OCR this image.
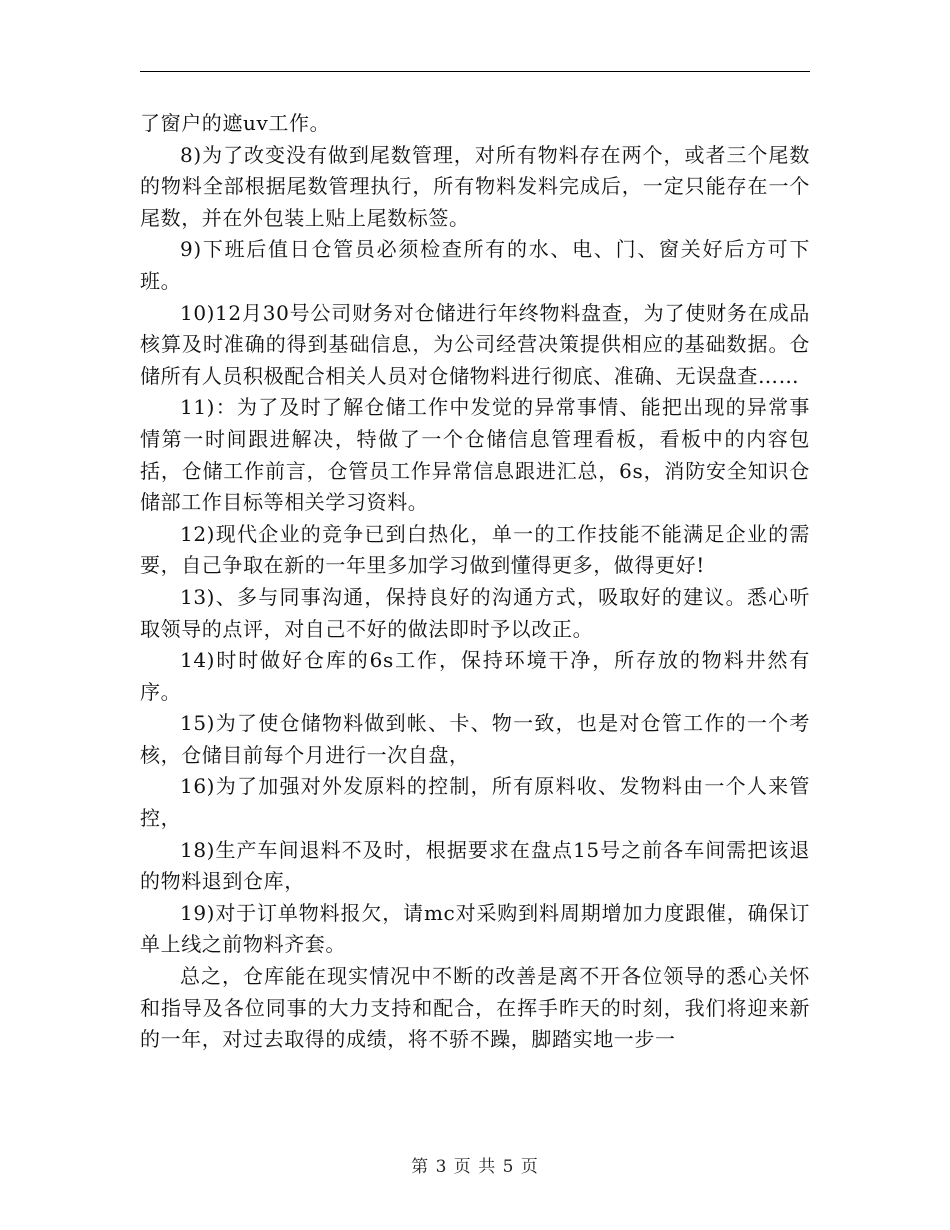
了窗户的遮uv工作。

8)为了改变没有做到尾数管理，对所有物料存在两个，或者三个尾数的物料全部根据尾数管理执行，所有物料发料完成后，一定只能存在一个尾数，并在外包装上贴上尾数标签。

9)下班后值日仓管员必须检查所有的水、电、门、窗关好后方可下班。

10)12月30号公司财务对仓储进行年终物料盘查，为了使财务在成品核算及时准确的得到基础信息，为公司经营决策提供相应的基础数据。仓储所有人员积极配合相关人员对仓储物料进行彻底、准确、无误盘查……

11)：为了及时了解仓储工作中发觉的异常事情、能把出现的异常事情第一时间跟进解决，特做了一个仓储信息管理看板，看板中的内容包括，仓储工作前言，仓管员工作异常信息跟进汇总，6s，消防安全知识仓储部工作目标等相关学习资料。

12)现代企业的竞争已到白热化，单一的工作技能不能满足企业的需要，自己争取在新的一年里多加学习做到懂得更多，做得更好!

13)、多与同事沟通，保持良好的沟通方式，吸取好的建议。悉心听取领导的点评，对自己不好的做法即时予以改正。

14)时时做好仓库的6s工作，保持环境干净，所存放的物料井然有序。

15)为了使仓储物料做到帐、卡、物一致，也是对仓管工作的一个考核，仓储目前每个月进行一次自盘，

16)为了加强对外发原料的控制，所有原料收、发物料由一个人来管控，

18)生产车间退料不及时，根据要求在盘点15号之前各车间需把该退的物料退到仓库，

19)对于订单物料报欠，请mc对采购到料周期增加力度跟催，确保订单上线之前物料齐套。

总之，仓库能在现实情况中不断的改善是离不开各位领导的悉心关怀和指导及各位同事的大力支持和配合，在挥手昨天的时刻，我们将迎来新的一年，对过去取得的成绩，将不骄不躁，脚踏实地一步一

第 3 页 共 5 页
